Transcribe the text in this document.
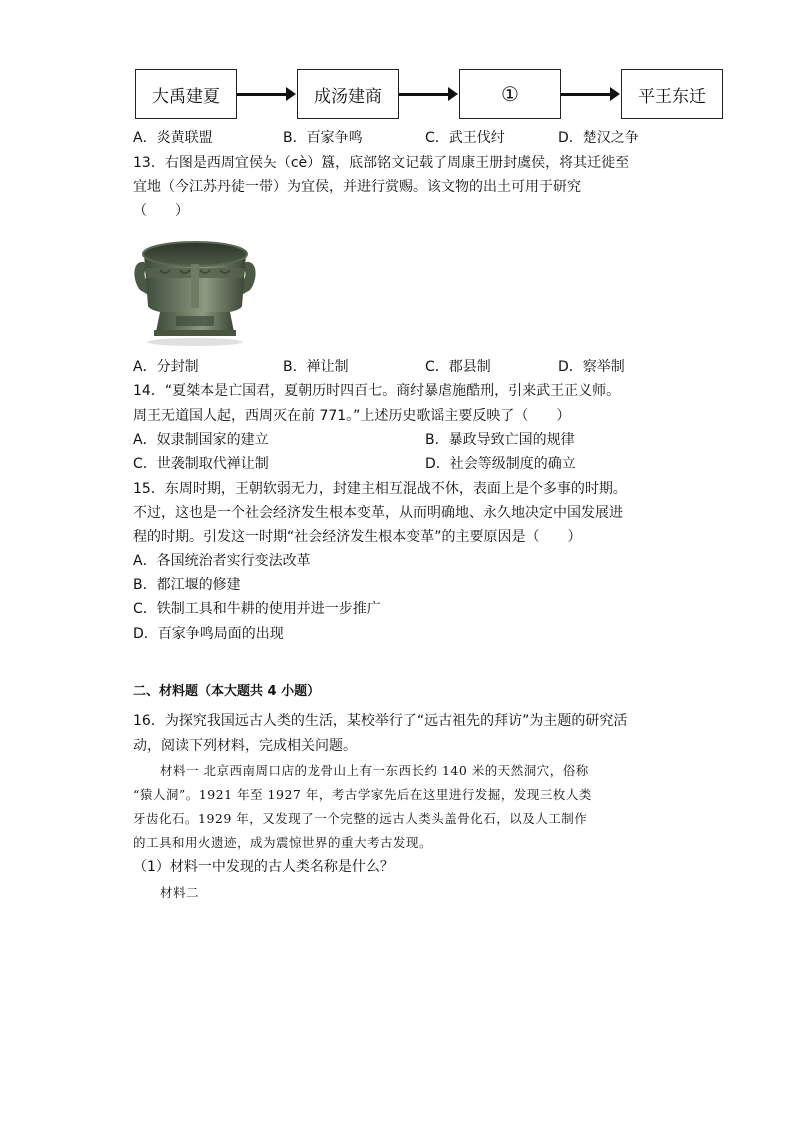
大禹建夏	成汤建商	①	平王东迁
A．炎黄联盟	B．百家争鸣	C．武王伐纣	D．楚汉之争
13．右图是西周宜侯夨（cè）簋，底部铭文记载了周康王册封虞侯，将其迁徙至
宜地（今江苏丹徒一带）为宜侯，并进行赏赐。该文物的出土可用于研究
（　　）
A．分封制	B．禅让制	C．郡县制	D．察举制
14．“夏桀本是亡国君，夏朝历时四百七。商纣暴虐施酷刑，引来武王正义师。
周王无道国人起，西周灭在前 771。”上述历史歌谣主要反映了（　　）
A．奴隶制国家的建立	B．暴政导致亡国的规律
C．世袭制取代禅让制	D．社会等级制度的确立
15．东周时期，王朝软弱无力，封建主相互混战不休，表面上是个多事的时期。
不过，这也是一个社会经济发生根本变革，从而明确地、永久地决定中国发展进
程的时期。引发这一时期“社会经济发生根本变革”的主要原因是（　　）
A．各国统治者实行变法改革
B．都江堰的修建
C．铁制工具和牛耕的使用并进一步推广
D．百家争鸣局面的出现
二、材料题（本大题共 4 小题）
16．为探究我国远古人类的生活，某校举行了“远古祖先的拜访”为主题的研究活
动，阅读下列材料，完成相关问题。
材料一 北京西南周口店的龙骨山上有一东西长约 140 米的天然洞穴，俗称
“猿人洞”。1921 年至 1927 年，考古学家先后在这里进行发掘，发现三枚人类
牙齿化石。1929 年，又发现了一个完整的远古人类头盖骨化石，以及人工制作
的工具和用火遗迹，成为震惊世界的重大考古发现。
（1）材料一中发现的古人类名称是什么？
材料二
